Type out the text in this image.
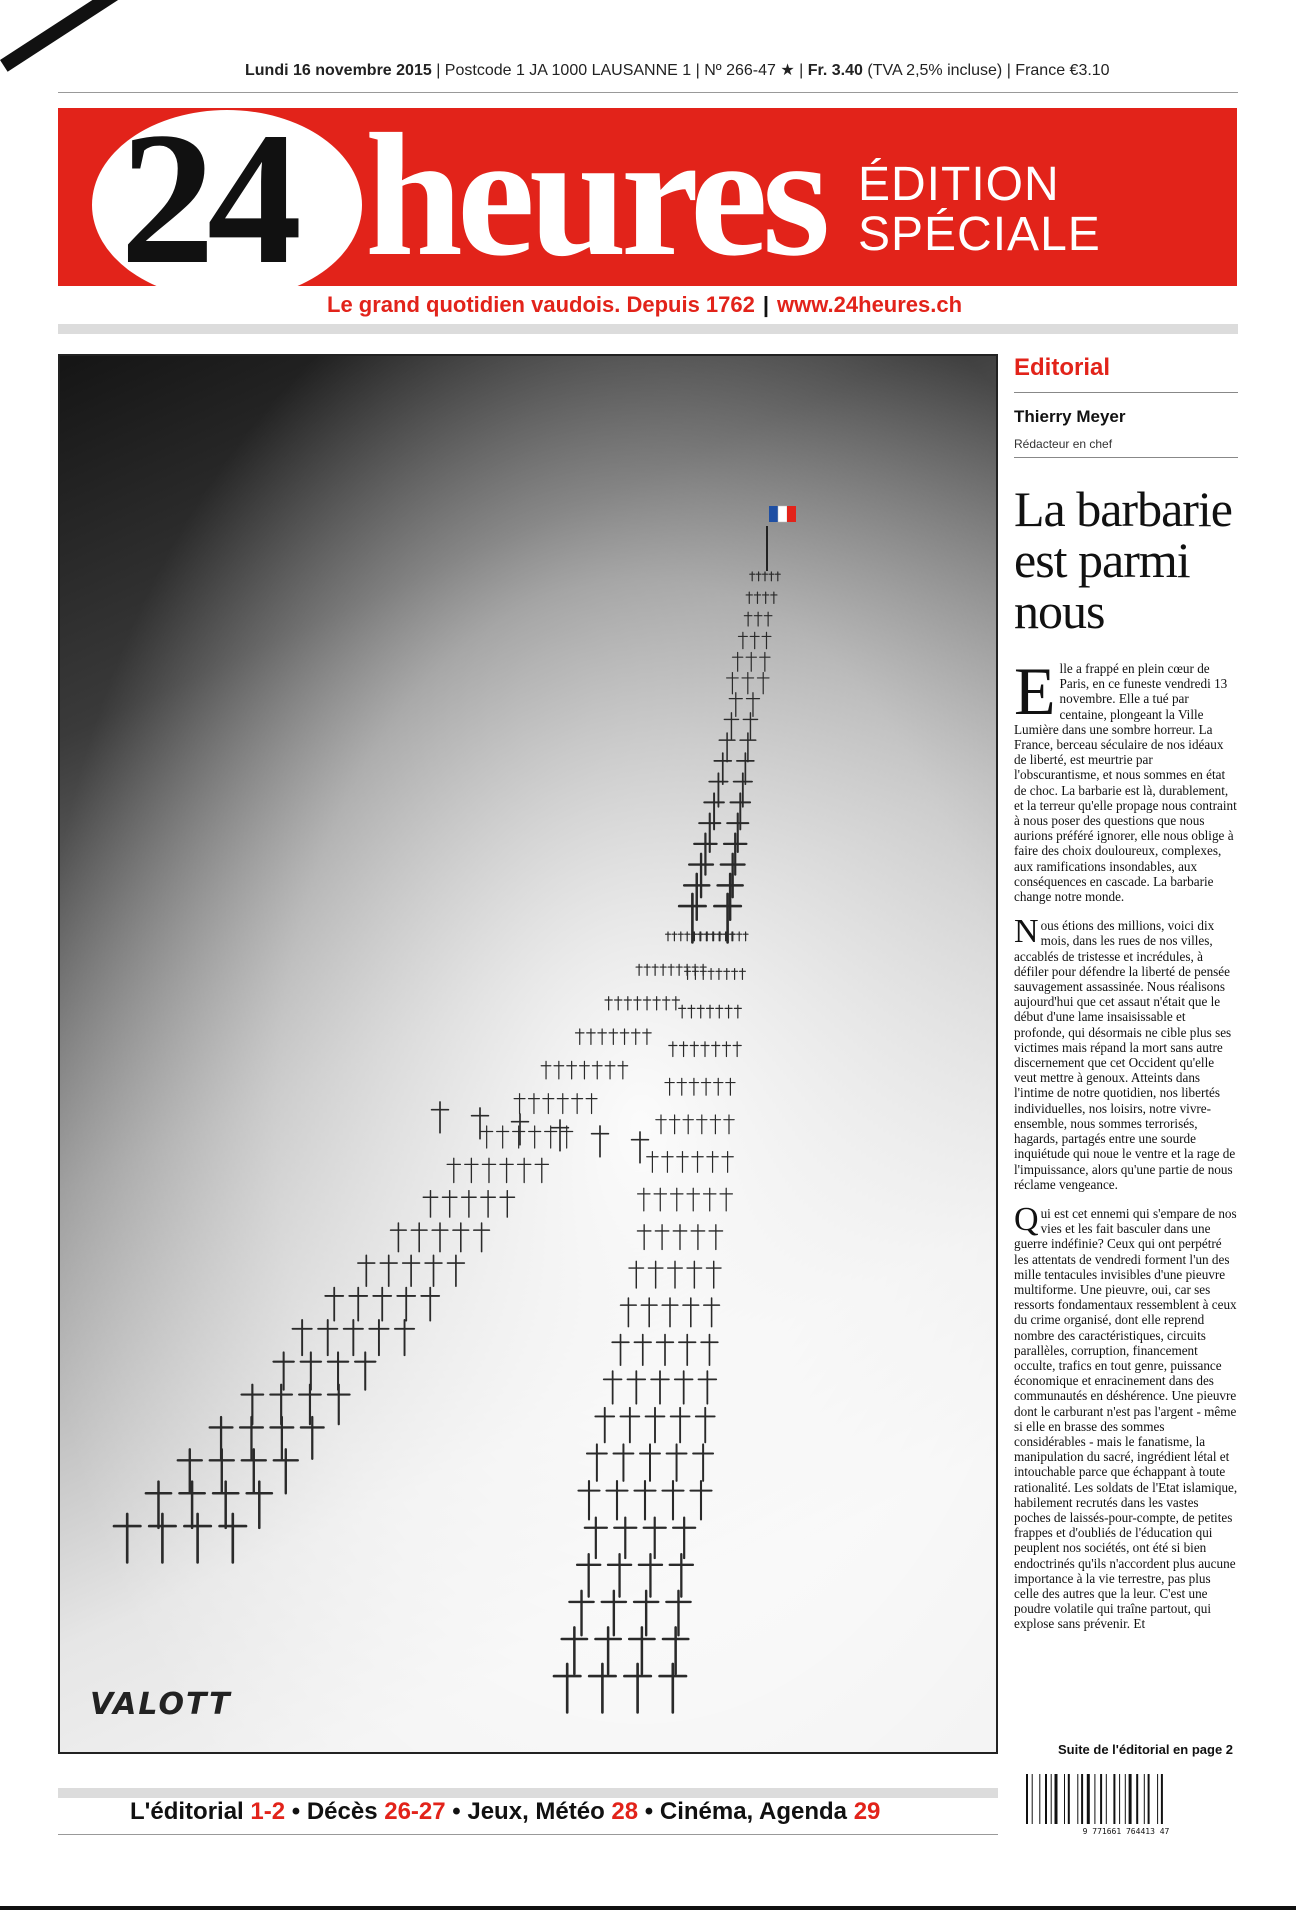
Lundi 16 novembre 2015 | Postcode 1 JA 1000 LAUSANNE 1 | Nº 266-47 ★ | Fr. 3.40 (TVA 2,5% incluse) | France €3.10
24 heures ÉDITION
SPÉCIALE
Le grand quotidien vaudois. Depuis 1762 | www.24heures.ch
VALOTT
Editorial
Thierry Meyer
Rédacteur en chef
La barbarie est parmi nous

Elle a frappé en plein cœur de Paris, en ce funeste vendredi 13 novembre. Elle a tué par centaine, plongeant la Ville Lumière dans une sombre horreur. La France, berceau séculaire de nos idéaux de liberté, est meurtrie par l'obscurantisme, et nous sommes en état de choc. La barbarie est là, durablement, et la terreur qu'elle propage nous contraint à nous poser des questions que nous aurions préféré ignorer, elle nous oblige à faire des choix douloureux, complexes, aux ramifications insondables, aux conséquences en cascade. La barbarie change notre monde.

Nous étions des millions, voici dix mois, dans les rues de nos villes, accablés de tristesse et incrédules, à défiler pour défendre la liberté de pensée sauvagement assassinée. Nous réalisons aujourd'hui que cet assaut n'était que le début d'une lame insaisissable et profonde, qui désormais ne cible plus ses victimes mais répand la mort sans autre discernement que cet Occident qu'elle veut mettre à genoux. Atteints dans l'intime de notre quotidien, nos libertés individuelles, nos loisirs, notre vivre-ensemble, nous sommes terrorisés, hagards, partagés entre une sourde inquiétude qui noue le ventre et la rage de l'impuissance, alors qu'une partie de nous réclame vengeance.

Qui est cet ennemi qui s'empare de nos vies et les fait basculer dans une guerre indéfinie? Ceux qui ont perpétré les attentats de vendredi forment l'un des mille tentacules invisibles d'une pieuvre multiforme. Une pieuvre, oui, car ses ressorts fondamentaux ressemblent à ceux du crime organisé, dont elle reprend nombre des caractéristiques, circuits parallèles, corruption, financement occulte, trafics en tout genre, puissance économique et enracinement dans des communautés en déshérence. Une pieuvre dont le carburant n'est pas l'argent - même si elle en brasse des sommes considérables - mais le fanatisme, la manipulation du sacré, ingrédient létal et intouchable parce que échappant à toute rationalité. Les soldats de l'Etat islamique, habilement recrutés dans les vastes poches de laissés-pour-compte, de petites frappes et d'oubliés de l'éducation qui peuplent nos sociétés, ont été si bien endoctrinés qu'ils n'accordent plus aucune importance à la vie terrestre, pas plus celle des autres que la leur. C'est une poudre volatile qui traîne partout, qui explose sans prévenir. Et

Suite de l'éditorial en page 2
L'éditorial 1-2 • Décès 26-27 • Jeux, Météo 28 • Cinéma, Agenda 29
9 771661 764413 47
